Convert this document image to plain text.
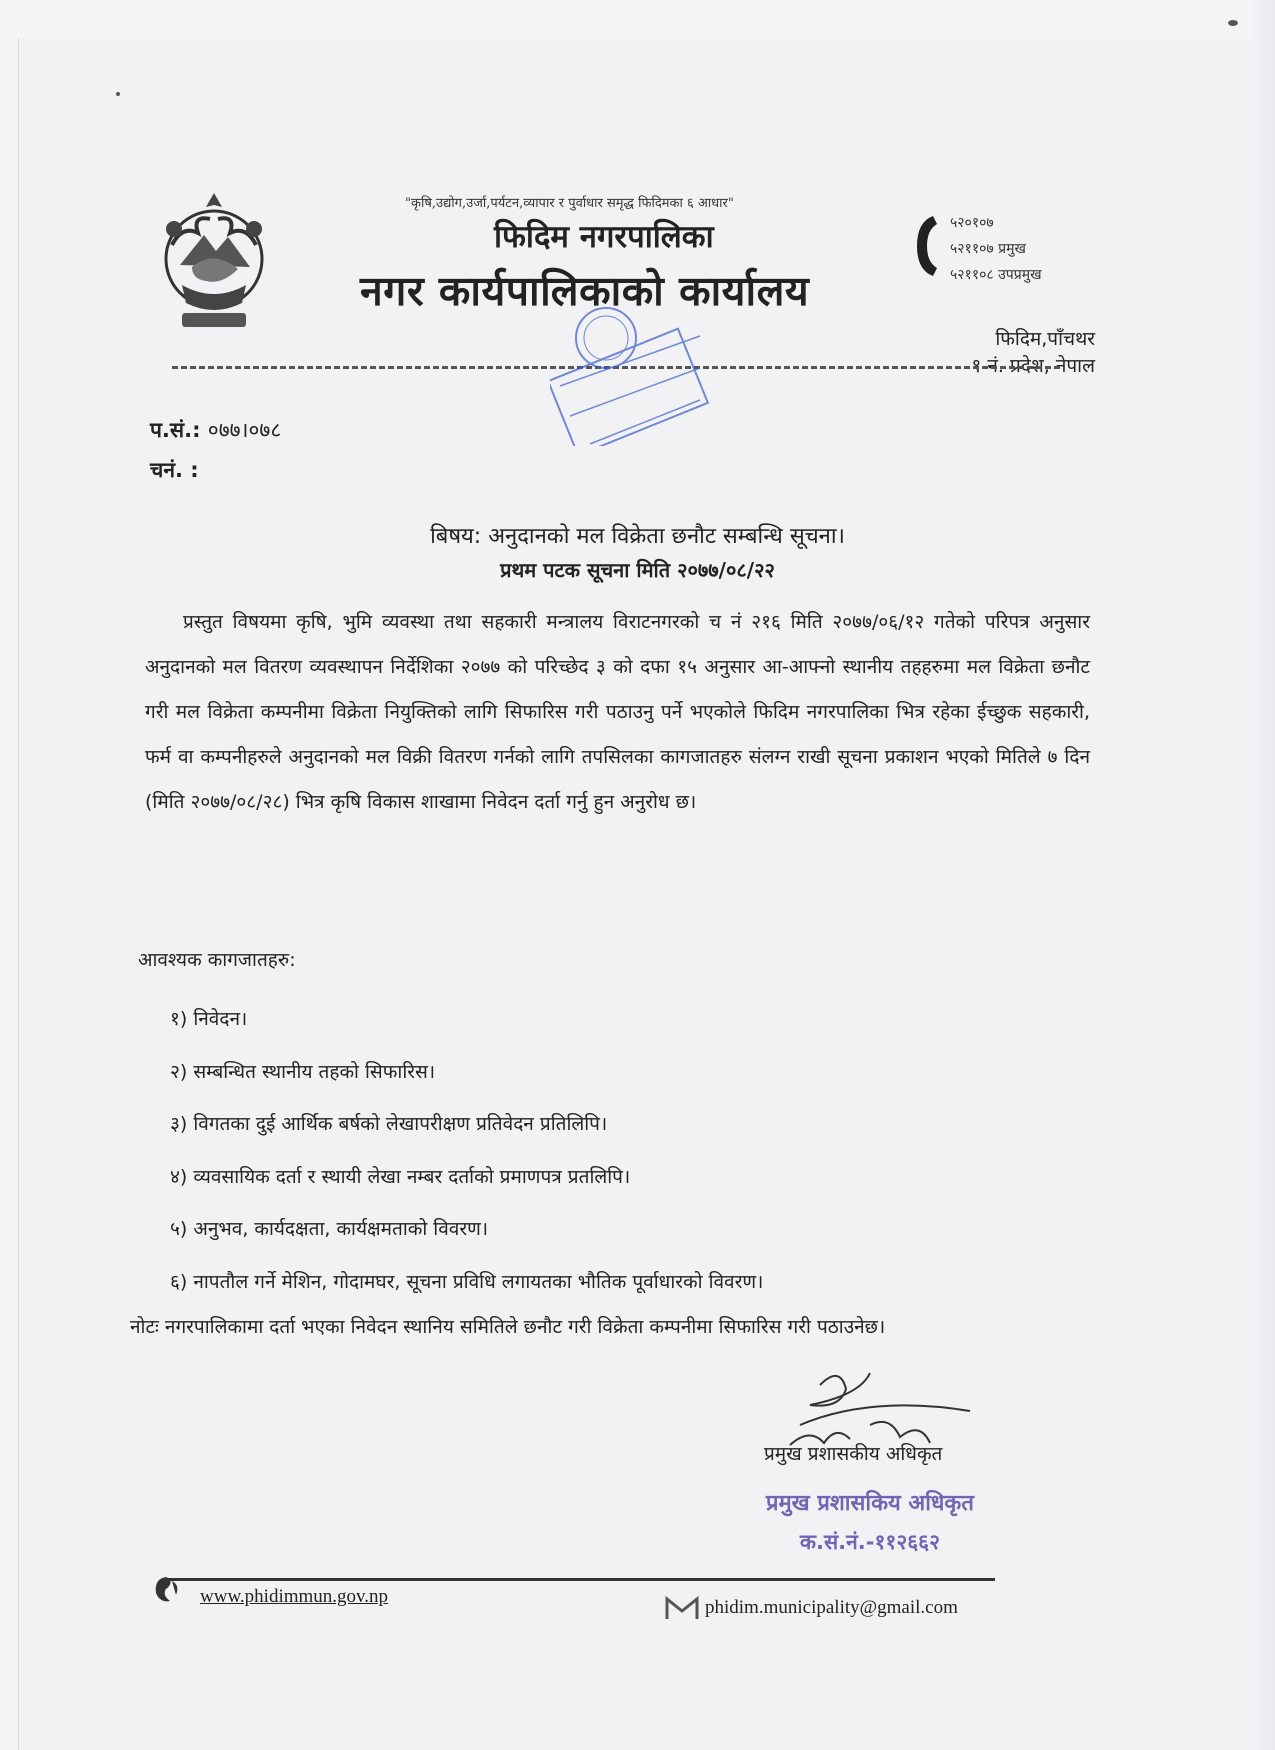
"कृषि,उद्योग,उर्जा,पर्यटन,व्यापार र पुर्वाधार समृद्ध फिदिमका ६ आधार"
फिदिम नगरपालिका
नगर कार्यपालिकाको कार्यालय
५२०१०७
५२११०७ प्रमुख
५२११०८ उपप्रमुख
फिदिम,पाँचथर
१ नं. प्रदेश, नेपाल
प.सं.: ०७७।०७८
चनं. :
बिषय: अनुदानको मल विक्रेता छनौट सम्बन्धि सूचना।
प्रथम पटक सूचना मिति २०७७/०८/२२
प्रस्तुत विषयमा कृषि, भुमि व्यवस्था तथा सहकारी मन्त्रालय विराटनगरको च नं २१६ मिति २०७७/०६/१२ गतेको परिपत्र अनुसार अनुदानको मल वितरण व्यवस्थापन निर्देशिका २०७७ को परिच्छेद ३ को दफा १५ अनुसार आ-आफ्नो स्थानीय तहहरुमा मल विक्रेता छनौट गरी मल विक्रेता कम्पनीमा विक्रेता नियुक्तिको लागि सिफारिस गरी पठाउनु पर्ने भएकोले फिदिम नगरपालिका भित्र रहेका ईच्छुक सहकारी, फर्म वा कम्पनीहरुले अनुदानको मल विक्री वितरण गर्नको लागि तपसिलका कागजातहरु संलग्न राखी सूचना प्रकाशन भएको मितिले ७ दिन (मिति २०७७/०८/२८) भित्र कृषि विकास शाखामा निवेदन दर्ता गर्नु हुन अनुरोध छ।
आवश्यक कागजातहरु:
१) निवेदन।
२) सम्बन्धित स्थानीय तहको सिफारिस।
३) विगतका दुई आर्थिक बर्षको लेखापरीक्षण प्रतिवेदन प्रतिलिपि।
४) व्यवसायिक दर्ता र स्थायी लेखा नम्बर दर्ताको प्रमाणपत्र प्रतलिपि।
५) अनुभव, कार्यदक्षता, कार्यक्षमताको विवरण।
६) नापतौल गर्ने मेशिन, गोदामघर, सूचना प्रविधि लगायतका भौतिक पूर्वाधारको विवरण।
नोटः नगरपालिकामा दर्ता भएका निवेदन स्थानिय समितिले छनौट गरी विक्रेता कम्पनीमा सिफारिस गरी पठाउनेछ।
प्रमुख प्रशासकीय अधिकृत
प्रमुख प्रशासकिय अधिकृत
क.सं.नं.-११२६६२
www.phidimmun.gov.np
phidim.municipality@gmail.com
